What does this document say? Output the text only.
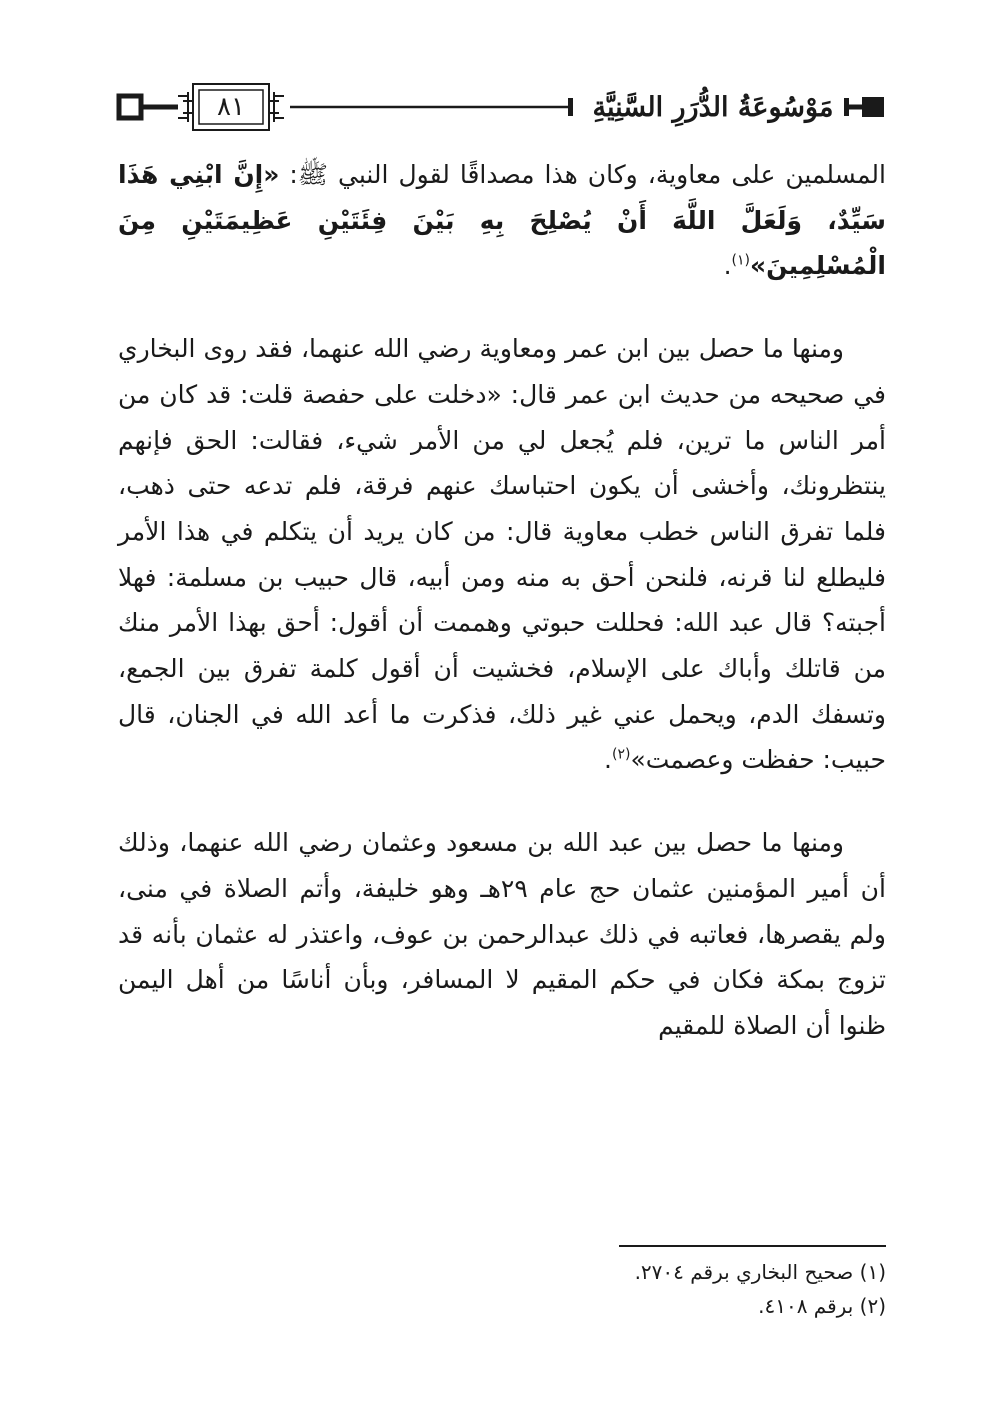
٨١	مَوْسُوعَةُ الدُّرَرِ السَّنِيَّةِ

المسلمين على معاوية، وكان هذا مصداقًا لقول النبي ﷺ: «إِنَّ ابْنِي هَذَا سَيِّدٌ، وَلَعَلَّ اللَّهَ أَنْ يُصْلِحَ بِهِ بَيْنَ فِئَتَيْنِ عَظِيمَتَيْنِ مِنَ الْمُسْلِمِينَ»$^{(١)}$.

ومنها ما حصل بين ابن عمر ومعاوية رضي الله عنهما، فقد روى البخاري في صحيحه من حديث ابن عمر قال: «دخلت على حفصة قلت: قد كان من أمر الناس ما ترين، فلم يُجعل لي من الأمر شيء، فقالت: الحق فإنهم ينتظرونك، وأخشى أن يكون احتباسك عنهم فرقة، فلم تدعه حتى ذهب، فلما تفرق الناس خطب معاوية قال: من كان يريد أن يتكلم في هذا الأمر فليطلع لنا قرنه، فلنحن أحق به منه ومن أبيه، قال حبيب بن مسلمة: فهلا أجبته؟ قال عبد الله: فحللت حبوتي وهممت أن أقول: أحق بهذا الأمر منك من قاتلك وأباك على الإسلام، فخشيت أن أقول كلمة تفرق بين الجمع، وتسفك الدم، ويحمل عني غير ذلك، فذكرت ما أعد الله في الجنان، قال حبيب: حفظت وعصمت»$^{(٢)}$.

ومنها ما حصل بين عبد الله بن مسعود وعثمان رضي الله عنهما، وذلك أن أمير المؤمنين عثمان حج عام ٢٩هـ وهو خليفة، وأتم الصلاة في منى، ولم يقصرها، فعاتبه في ذلك عبدالرحمن بن عوف، واعتذر له عثمان بأنه قد تزوج بمكة فكان في حكم المقيم لا المسافر، وبأن أناسًا من أهل اليمن ظنوا أن الصلاة للمقيم

(١) صحيح البخاري برقم ٢٧٠٤.
(٢) برقم ٤١٠٨.
